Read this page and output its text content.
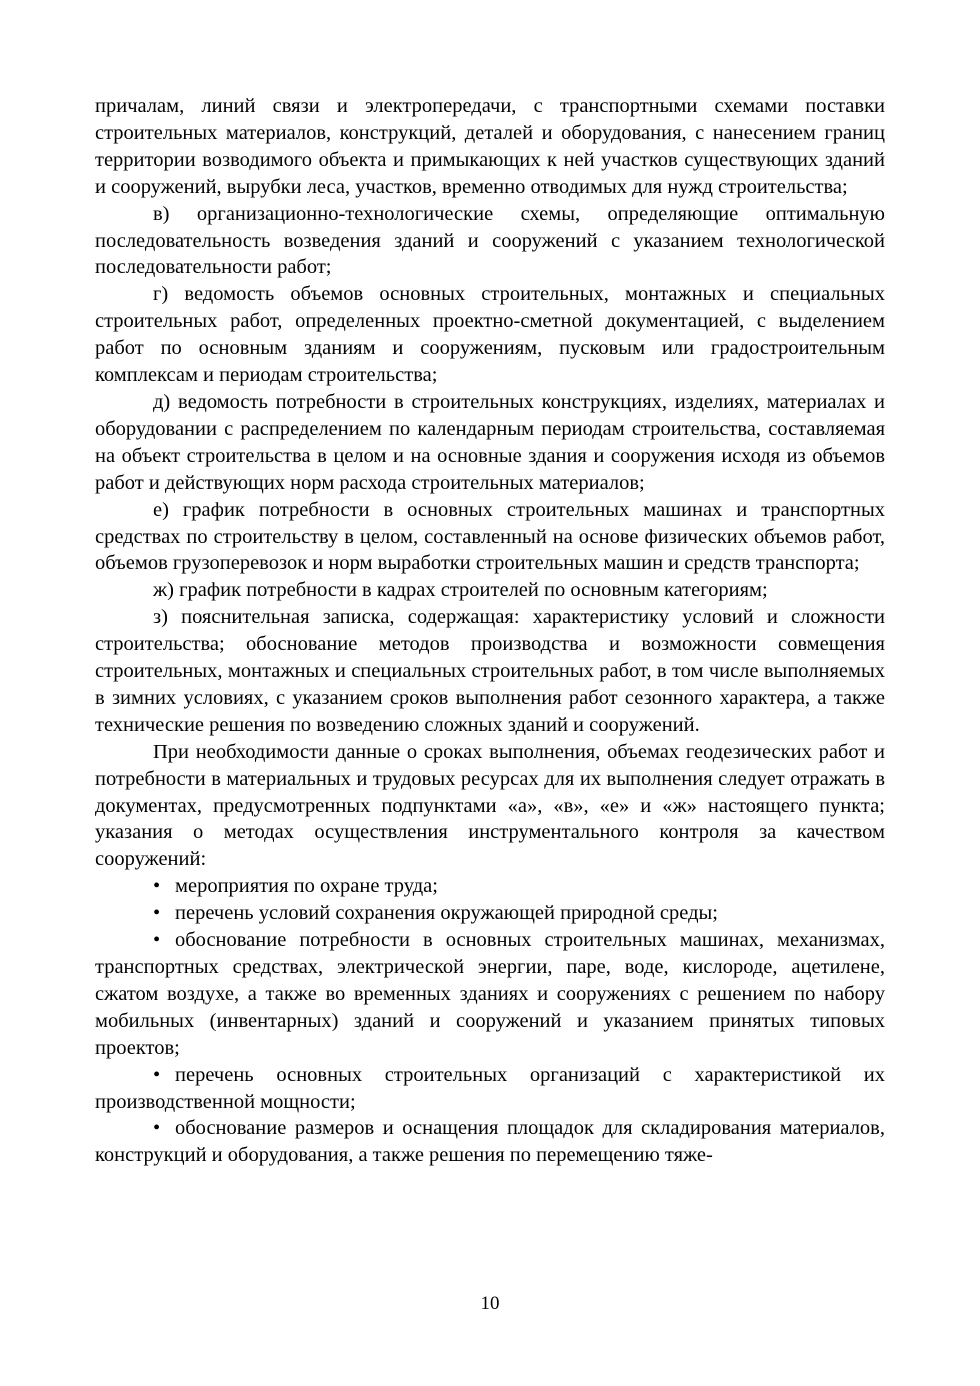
причалам, линий связи и электропередачи, с транспортными схемами поставки строительных материалов, конструкций, деталей и оборудования, с нанесением границ территории возводимого объекта и примыкающих к ней участков существующих зданий и сооружений, вырубки леса, участков, временно отводимых для нужд строительства;

в) организационно-технологические схемы, определяющие оптимальную последовательность возведения зданий и сооружений с указанием технологической последовательности работ;

г) ведомость объемов основных строительных, монтажных и специальных строительных работ, определенных проектно-сметной документацией, с выделением работ по основным зданиям и сооружениям, пусковым или градостроительным комплексам и периодам строительства;

д) ведомость потребности в строительных конструкциях, изделиях, материалах и оборудовании с распределением по календарным периодам строительства, составляемая на объект строительства в целом и на основные здания и сооружения исходя из объемов работ и действующих норм расхода строительных материалов;

е) график потребности в основных строительных машинах и транспортных средствах по строительству в целом, составленный на основе физических объемов работ, объемов грузоперевозок и норм выработки строительных машин и средств транспорта;

ж) график потребности в кадрах строителей по основным категориям;

з) пояснительная записка, содержащая: характеристику условий и сложности строительства; обоснование методов производства и возможности совмещения строительных, монтажных и специальных строительных работ, в том числе выполняемых в зимних условиях, с указанием сроков выполнения работ сезонного характера, а также технические решения по возведению сложных зданий и сооружений.

При необходимости данные о сроках выполнения, объемах геодезических работ и потребности в материальных и трудовых ресурсах для их выполнения следует отражать в документах, предусмотренных подпунктами «а», «в», «е» и «ж» настоящего пункта; указания о методах осуществления инструментального контроля за качеством сооружений:

• мероприятия по охране труда;

• перечень условий сохранения окружающей природной среды;

• обоснование потребности в основных строительных машинах, механизмах, транспортных средствах, электрической энергии, паре, воде, кислороде, ацетилене, сжатом воздухе, а также во временных зданиях и сооружениях с решением по набору мобильных (инвентарных) зданий и сооружений и указанием принятых типовых проектов;

• перечень основных строительных организаций с характеристикой их производственной мощности;

• обоснование размеров и оснащения площадок для складирования материалов, конструкций и оборудования, а также решения по перемещению тяже-

10
